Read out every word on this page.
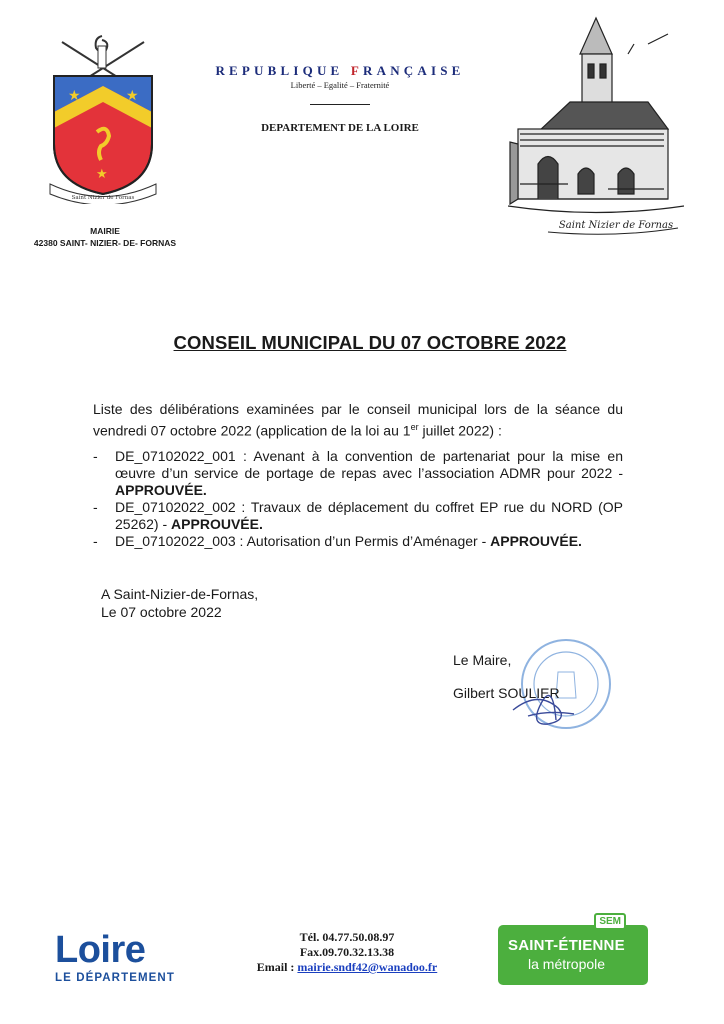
★	★
★
Saint Nizier de Fornas
MAIRIE
42380 SAINT- NIZIER- DE- FORNAS
REPUBLIQUE FRANÇAISE
Liberté – Egalité – Fraternité
DEPARTEMENT DE LA LOIRE
Saint Nizier de Fornas
CONSEIL MUNICIPAL DU 07 OCTOBRE 2022
Liste des délibérations examinées par le conseil municipal lors de la séance du vendredi 07 octobre 2022 (application de la loi au 1er juillet 2022) :
- DE_07102022_001 : Avenant à la convention de partenariat pour la mise en œuvre d’un service de portage de repas avec l’association ADMR pour 2022 - APPROUVÉE.
- DE_07102022_002 : Travaux de déplacement du coffret EP rue du NORD (OP 25262) - APPROUVÉE.
- DE_07102022_003 : Autorisation d’un Permis d’Aménager - APPROUVÉE.
A Saint-Nizier-de-Fornas,
Le 07 octobre 2022
Le Maire,
Gilbert SOULIER
Loire
LE DÉPARTEMENT
Tél. 04.77.50.08.97
Fax.09.70.32.13.38
Email : mairie.sndf42@wanadoo.fr
SEM
SAINT-ÉTIENNE
la métropole
